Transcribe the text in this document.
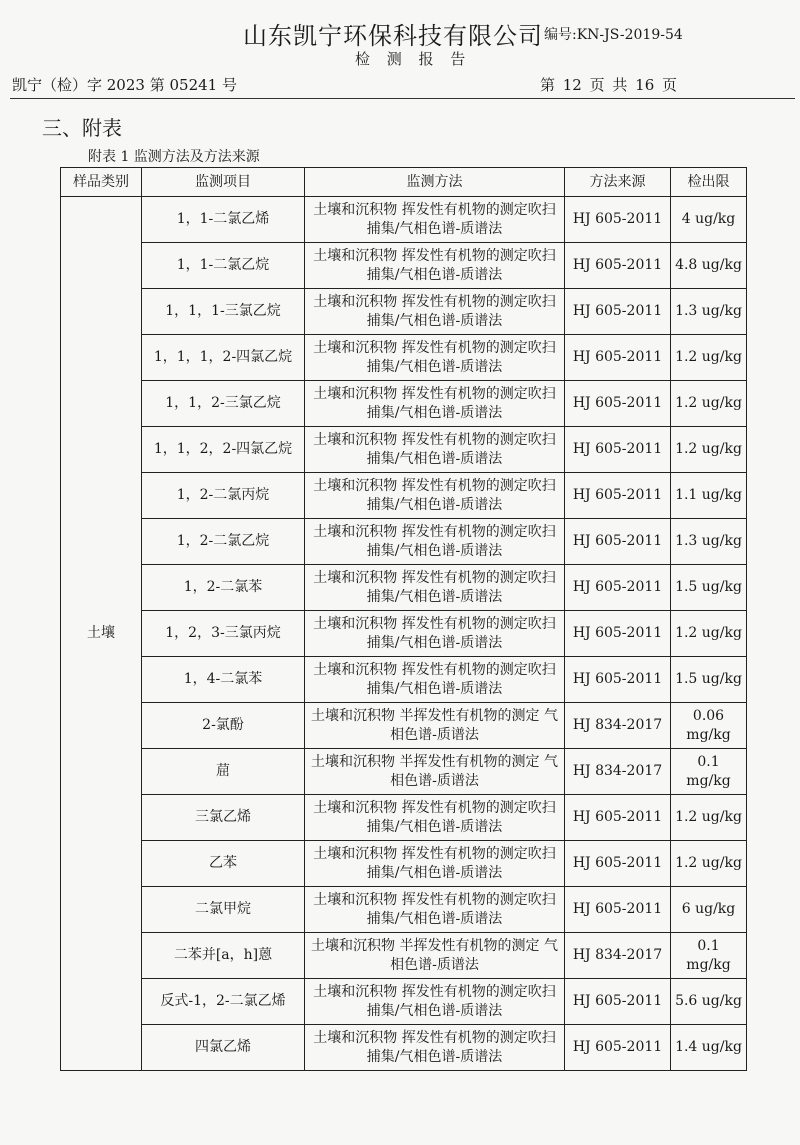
山东凯宁环保科技有限公司 编号:KN-JS-2019-54
检 测 报 告
凯宁（检）字 2023 第 05241 号	第 12 页 共 16 页
三、附表
附表 1 监测方法及方法来源
样品类别	监测项目	监测方法	方法来源	检出限
土壤	1，1-二氯乙烯	土壤和沉积物 挥发性有机物的测定吹扫捕集/气相色谱-质谱法	HJ 605-2011	4 ug/kg
	1，1-二氯乙烷	土壤和沉积物 挥发性有机物的测定吹扫捕集/气相色谱-质谱法	HJ 605-2011	4.8 ug/kg
	1，1，1-三氯乙烷	土壤和沉积物 挥发性有机物的测定吹扫捕集/气相色谱-质谱法	HJ 605-2011	1.3 ug/kg
	1，1，1，2-四氯乙烷	土壤和沉积物 挥发性有机物的测定吹扫捕集/气相色谱-质谱法	HJ 605-2011	1.2 ug/kg
	1，1，2-三氯乙烷	土壤和沉积物 挥发性有机物的测定吹扫捕集/气相色谱-质谱法	HJ 605-2011	1.2 ug/kg
	1，1，2，2-四氯乙烷	土壤和沉积物 挥发性有机物的测定吹扫捕集/气相色谱-质谱法	HJ 605-2011	1.2 ug/kg
	1，2-二氯丙烷	土壤和沉积物 挥发性有机物的测定吹扫捕集/气相色谱-质谱法	HJ 605-2011	1.1 ug/kg
	1，2-二氯乙烷	土壤和沉积物 挥发性有机物的测定吹扫捕集/气相色谱-质谱法	HJ 605-2011	1.3 ug/kg
	1，2-二氯苯	土壤和沉积物 挥发性有机物的测定吹扫捕集/气相色谱-质谱法	HJ 605-2011	1.5 ug/kg
	1，2，3-三氯丙烷	土壤和沉积物 挥发性有机物的测定吹扫捕集/气相色谱-质谱法	HJ 605-2011	1.2 ug/kg
	1，4-二氯苯	土壤和沉积物 挥发性有机物的测定吹扫捕集/气相色谱-质谱法	HJ 605-2011	1.5 ug/kg
	2-氯酚	土壤和沉积物 半挥发性有机物的测定 气相色谱-质谱法	HJ 834-2017	0.06 mg/kg
	䓛	土壤和沉积物 半挥发性有机物的测定 气相色谱-质谱法	HJ 834-2017	0.1 mg/kg
	三氯乙烯	土壤和沉积物 挥发性有机物的测定吹扫捕集/气相色谱-质谱法	HJ 605-2011	1.2 ug/kg
	乙苯	土壤和沉积物 挥发性有机物的测定吹扫捕集/气相色谱-质谱法	HJ 605-2011	1.2 ug/kg
	二氯甲烷	土壤和沉积物 挥发性有机物的测定吹扫捕集/气相色谱-质谱法	HJ 605-2011	6 ug/kg
	二苯并[a，h]蒽	土壤和沉积物 半挥发性有机物的测定 气相色谱-质谱法	HJ 834-2017	0.1 mg/kg
	反式-1，2-二氯乙烯	土壤和沉积物 挥发性有机物的测定吹扫捕集/气相色谱-质谱法	HJ 605-2011	5.6 ug/kg
	四氯乙烯	土壤和沉积物 挥发性有机物的测定吹扫捕集/气相色谱-质谱法	HJ 605-2011	1.4 ug/kg
